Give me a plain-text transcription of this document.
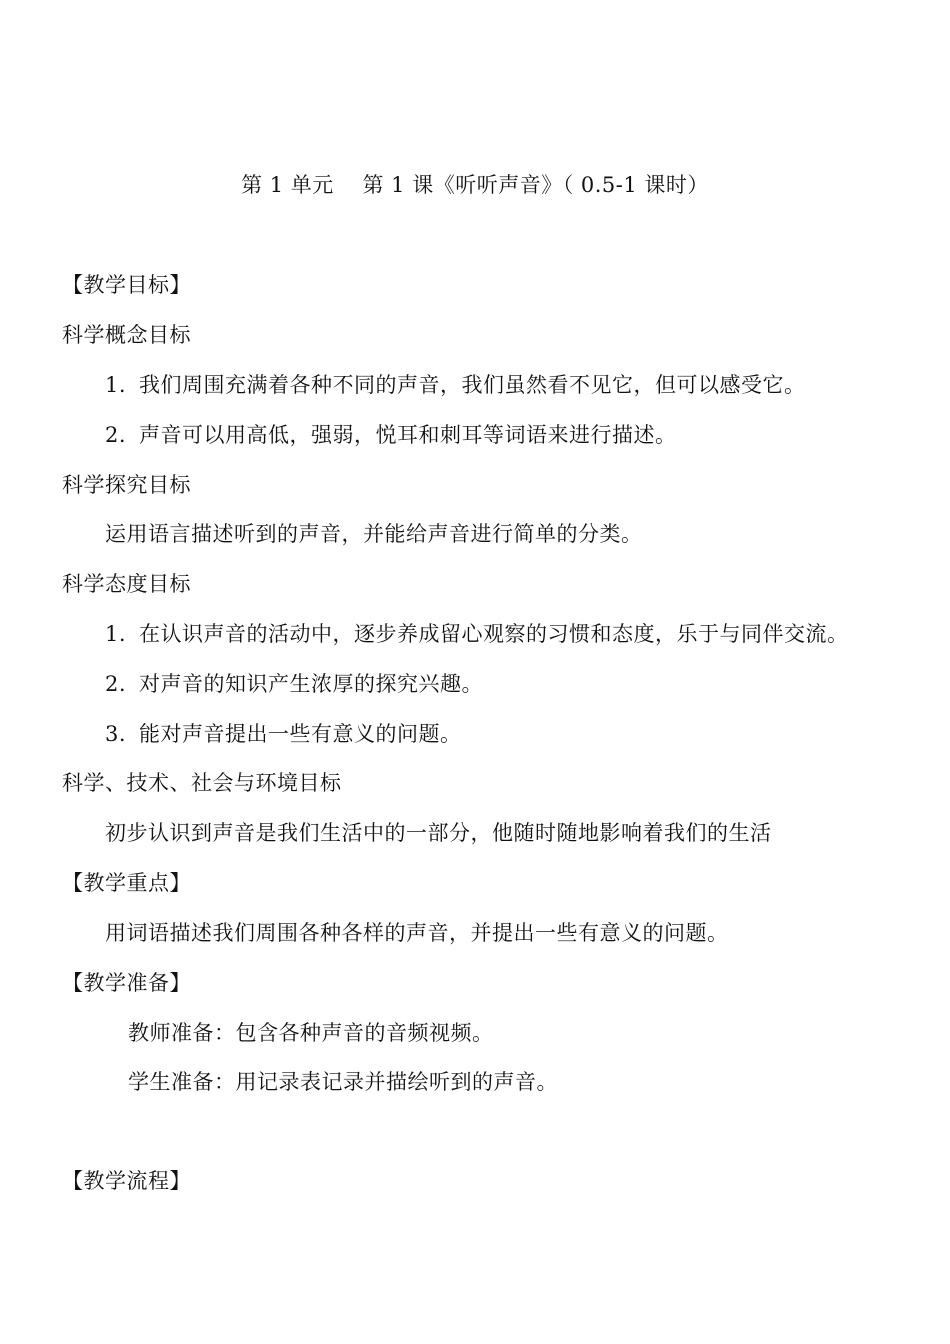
第 1 单元　 第 1 课《听听声音》（ 0.5-1 课时）
【教学目标】
科学概念目标
1. 我们周围充满着各种不同的声音，我们虽然看不见它，但可以感受它。
2. 声音可以用高低，强弱，悦耳和刺耳等词语来进行描述。
科学探究目标
运用语言描述听到的声音，并能给声音进行简单的分类。
科学态度目标
1. 在认识声音的活动中，逐步养成留心观察的习惯和态度，乐于与同伴交流。
2. 对声音的知识产生浓厚的探究兴趣。
3. 能对声音提出一些有意义的问题。
科学、技术、社会与环境目标
初步认识到声音是我们生活中的一部分，他随时随地影响着我们的生活
【教学重点】
用词语描述我们周围各种各样的声音，并提出一些有意义的问题。
【教学准备】
教师准备：包含各种声音的音频视频。
学生准备：用记录表记录并描绘听到的声音。
【教学流程】
